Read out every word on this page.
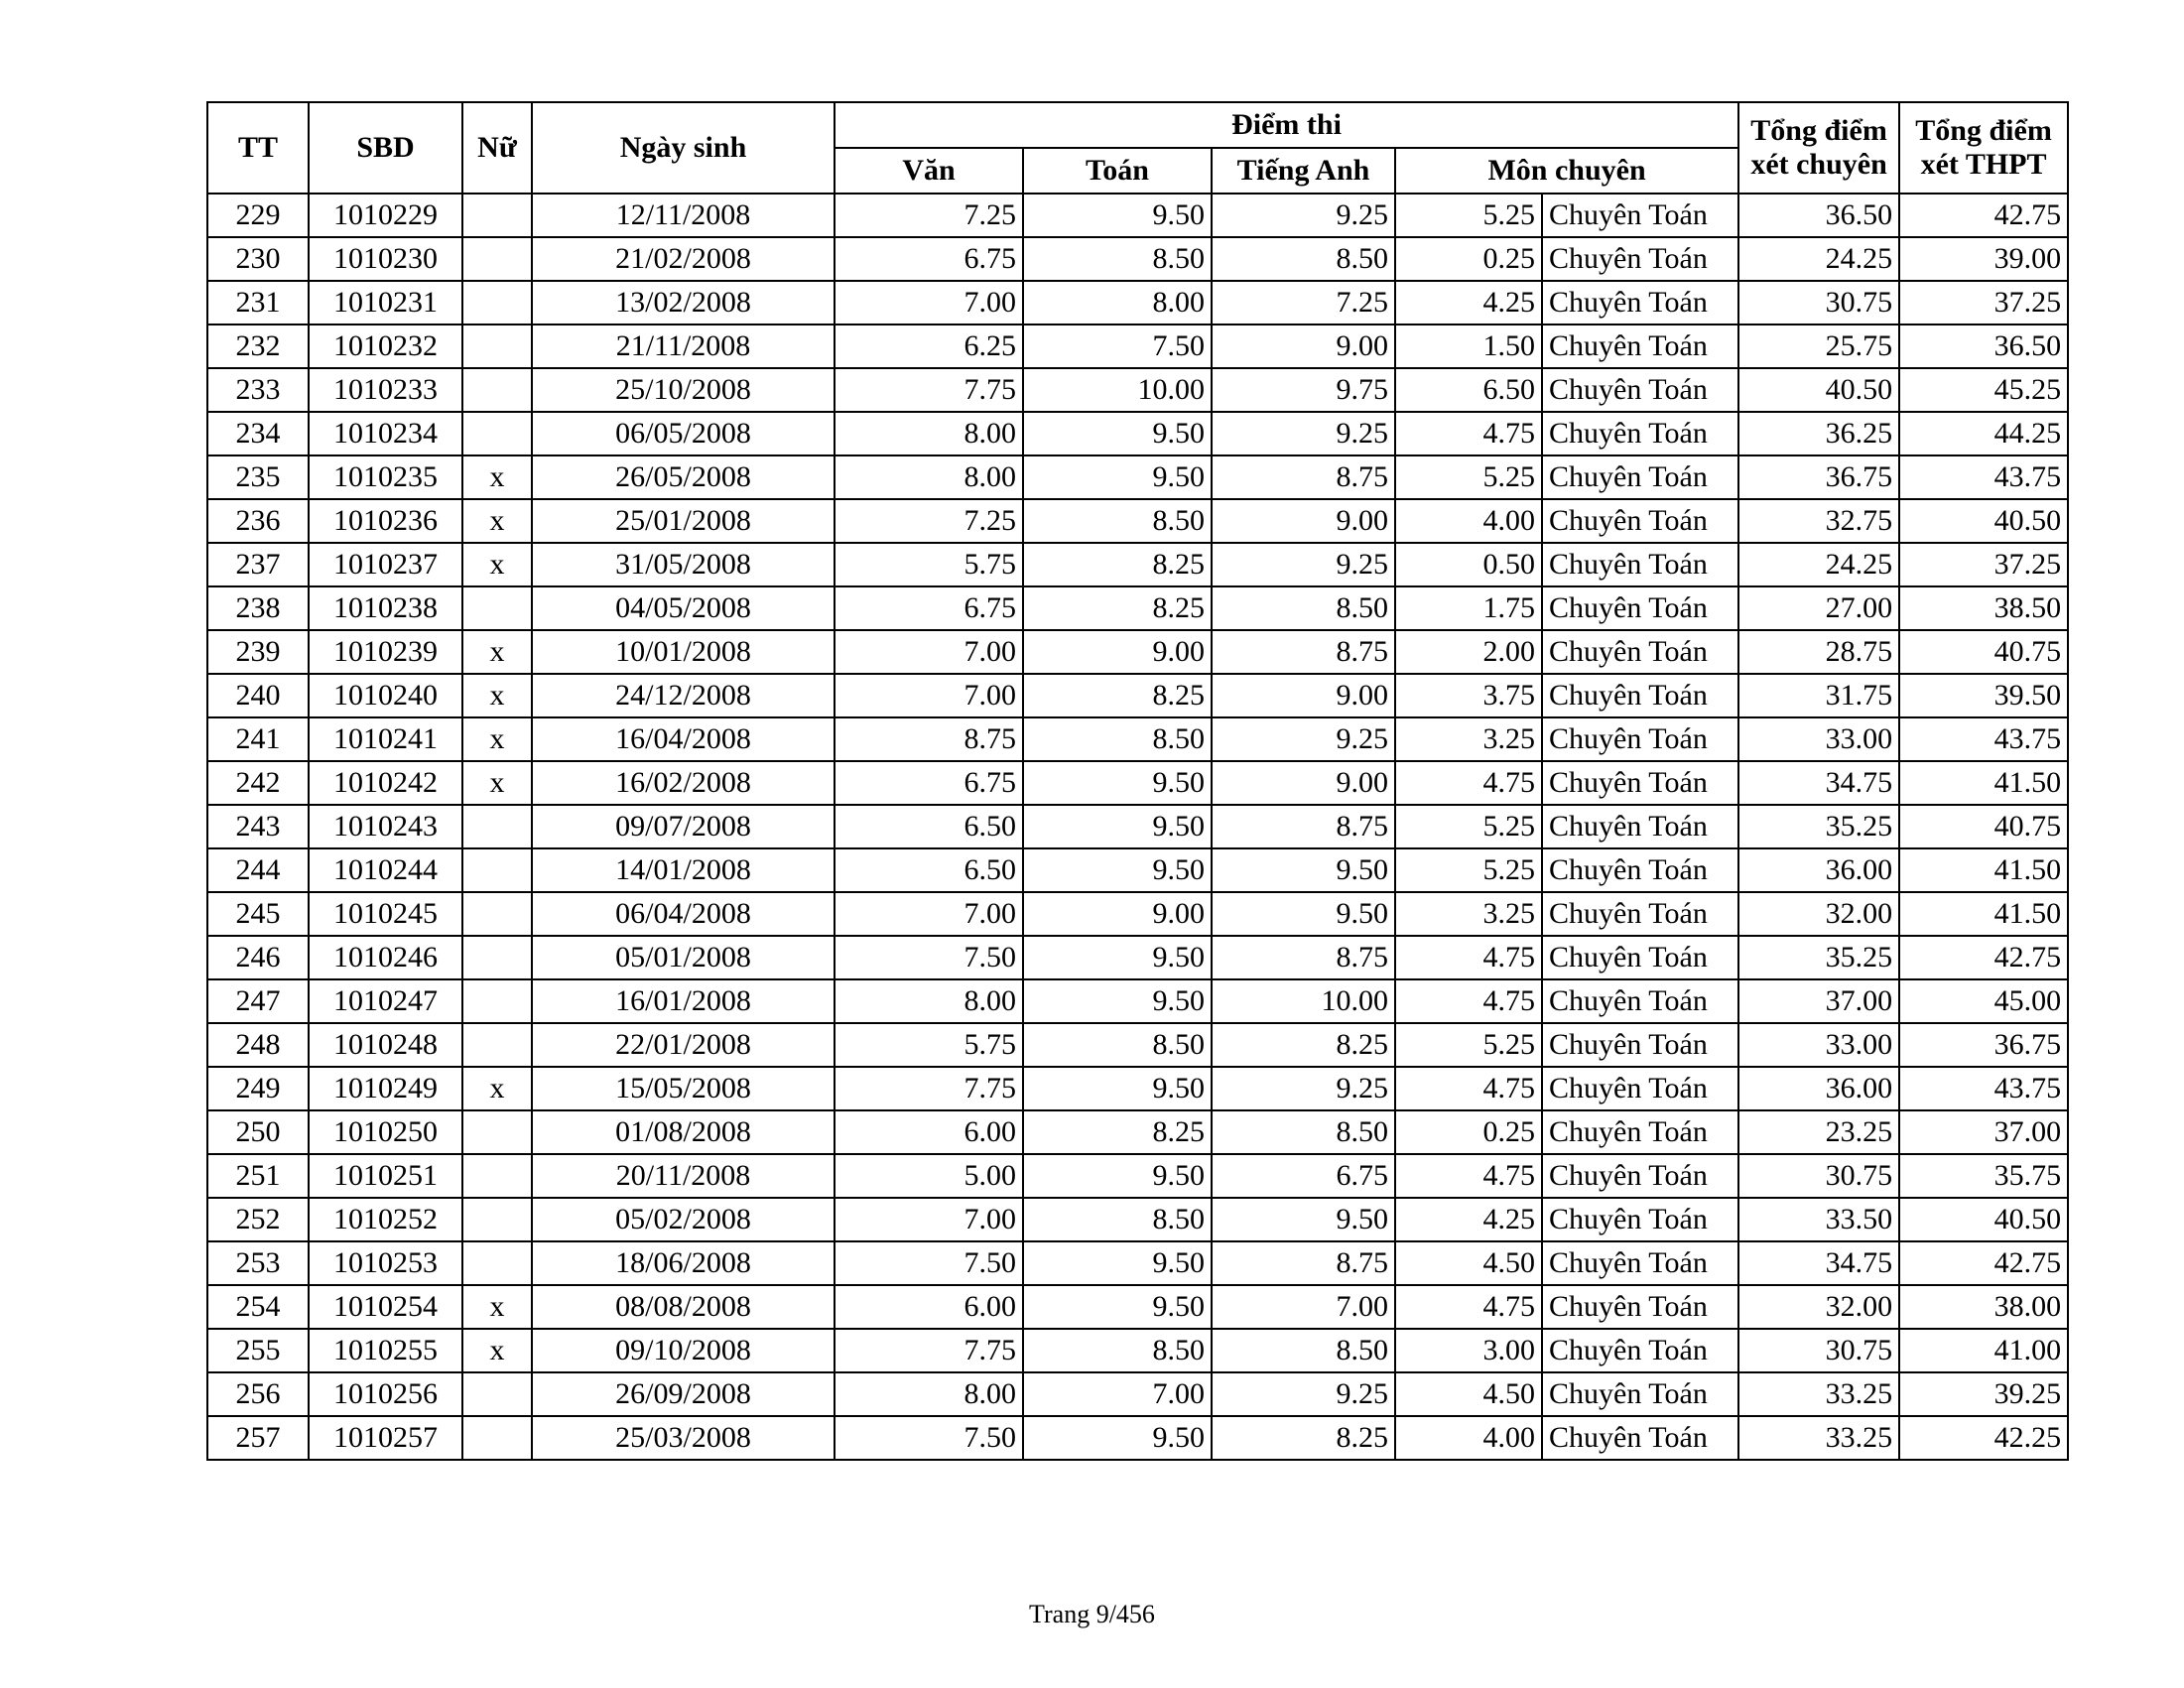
TT	SBD	Nữ	Ngày sinh	Điểm thi					Tổng điểm xét chuyên	Tổng điểm xét THPT
				Văn	Toán	Tiếng Anh	Môn chuyên			
229	1010229		12/11/2008	7.25	9.50	9.25	5.25	Chuyên Toán	36.50	42.75
230	1010230		21/02/2008	6.75	8.50	8.50	0.25	Chuyên Toán	24.25	39.00
231	1010231		13/02/2008	7.00	8.00	7.25	4.25	Chuyên Toán	30.75	37.25
232	1010232		21/11/2008	6.25	7.50	9.00	1.50	Chuyên Toán	25.75	36.50
233	1010233		25/10/2008	7.75	10.00	9.75	6.50	Chuyên Toán	40.50	45.25
234	1010234		06/05/2008	8.00	9.50	9.25	4.75	Chuyên Toán	36.25	44.25
235	1010235	x	26/05/2008	8.00	9.50	8.75	5.25	Chuyên Toán	36.75	43.75
236	1010236	x	25/01/2008	7.25	8.50	9.00	4.00	Chuyên Toán	32.75	40.50
237	1010237	x	31/05/2008	5.75	8.25	9.25	0.50	Chuyên Toán	24.25	37.25
238	1010238		04/05/2008	6.75	8.25	8.50	1.75	Chuyên Toán	27.00	38.50
239	1010239	x	10/01/2008	7.00	9.00	8.75	2.00	Chuyên Toán	28.75	40.75
240	1010240	x	24/12/2008	7.00	8.25	9.00	3.75	Chuyên Toán	31.75	39.50
241	1010241	x	16/04/2008	8.75	8.50	9.25	3.25	Chuyên Toán	33.00	43.75
242	1010242	x	16/02/2008	6.75	9.50	9.00	4.75	Chuyên Toán	34.75	41.50
243	1010243		09/07/2008	6.50	9.50	8.75	5.25	Chuyên Toán	35.25	40.75
244	1010244		14/01/2008	6.50	9.50	9.50	5.25	Chuyên Toán	36.00	41.50
245	1010245		06/04/2008	7.00	9.00	9.50	3.25	Chuyên Toán	32.00	41.50
246	1010246		05/01/2008	7.50	9.50	8.75	4.75	Chuyên Toán	35.25	42.75
247	1010247		16/01/2008	8.00	9.50	10.00	4.75	Chuyên Toán	37.00	45.00
248	1010248		22/01/2008	5.75	8.50	8.25	5.25	Chuyên Toán	33.00	36.75
249	1010249	x	15/05/2008	7.75	9.50	9.25	4.75	Chuyên Toán	36.00	43.75
250	1010250		01/08/2008	6.00	8.25	8.50	0.25	Chuyên Toán	23.25	37.00
251	1010251		20/11/2008	5.00	9.50	6.75	4.75	Chuyên Toán	30.75	35.75
252	1010252		05/02/2008	7.00	8.50	9.50	4.25	Chuyên Toán	33.50	40.50
253	1010253		18/06/2008	7.50	9.50	8.75	4.50	Chuyên Toán	34.75	42.75
254	1010254	x	08/08/2008	6.00	9.50	7.00	4.75	Chuyên Toán	32.00	38.00
255	1010255	x	09/10/2008	7.75	8.50	8.50	3.00	Chuyên Toán	30.75	41.00
256	1010256		26/09/2008	8.00	7.00	9.25	4.50	Chuyên Toán	33.25	39.25
257	1010257		25/03/2008	7.50	9.50	8.25	4.00	Chuyên Toán	33.25	42.25
Trang 9/456
